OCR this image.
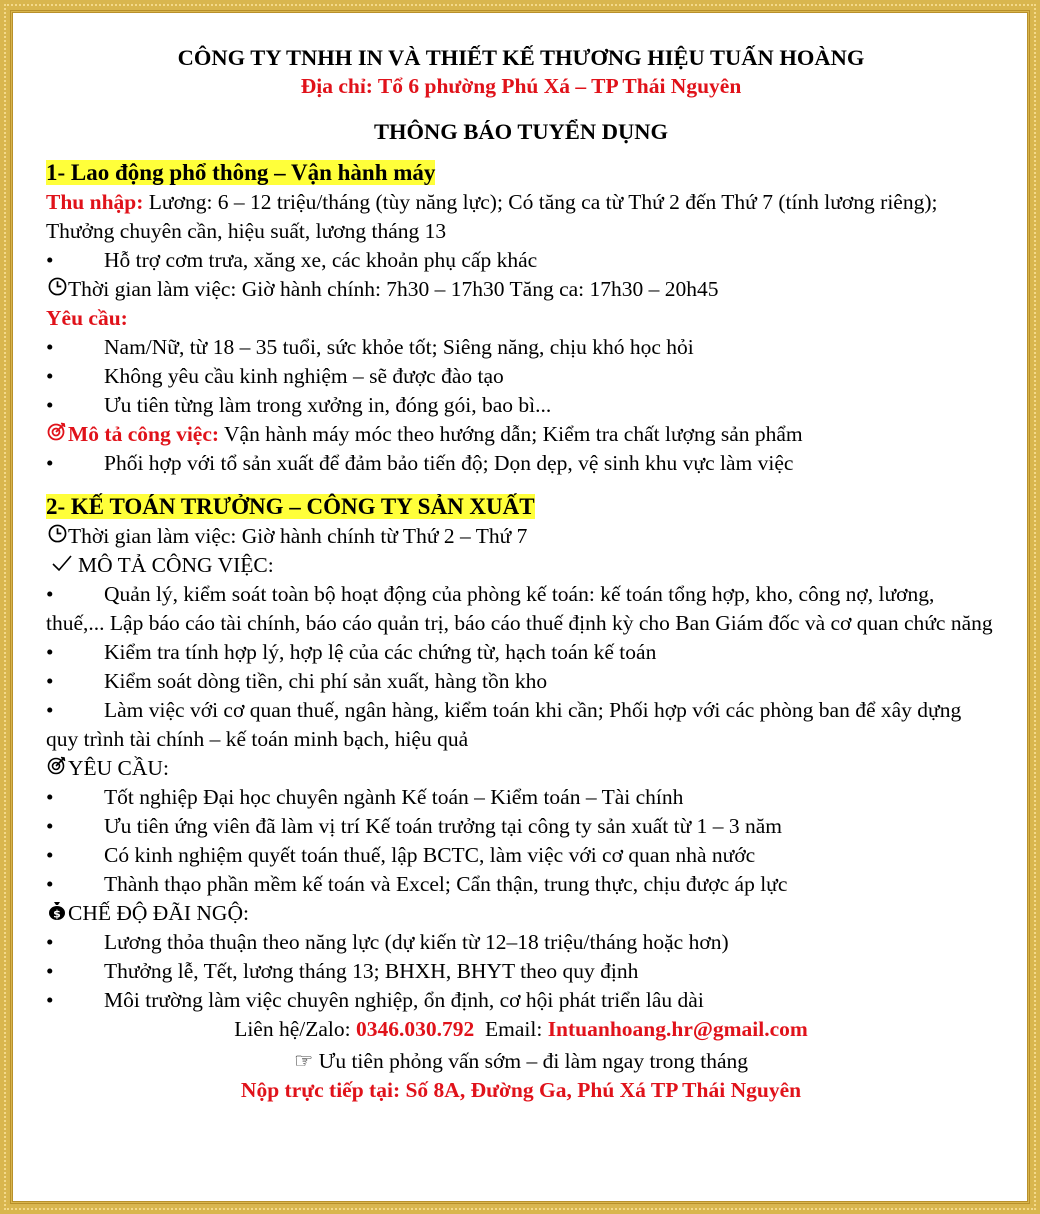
CÔNG TY TNHH IN VÀ THIẾT KẾ THƯƠNG HIỆU TUẤN HOÀNG
Địa chỉ: Tổ 6 phường Phú Xá – TP Thái Nguyên
THÔNG BÁO TUYỂN DỤNG
1- Lao động phổ thông – Vận hành máy
Thu nhập: Lương: 6 – 12 triệu/tháng (tùy năng lực); Có tăng ca từ Thứ 2 đến Thứ 7 (tính lương riêng); Thưởng chuyên cần, hiệu suất, lương tháng 13
•	Hỗ trợ cơm trưa, xăng xe, các khoản phụ cấp khác
Thời gian làm việc: Giờ hành chính: 7h30 – 17h30 Tăng ca: 17h30 – 20h45
Yêu cầu:
•	Nam/Nữ, từ 18 – 35 tuổi, sức khỏe tốt; Siêng năng, chịu khó học hỏi
•	Không yêu cầu kinh nghiệm – sẽ được đào tạo
•	Ưu tiên từng làm trong xưởng in, đóng gói, bao bì...
Mô tả công việc: Vận hành máy móc theo hướng dẫn; Kiểm tra chất lượng sản phẩm
•	Phối hợp với tổ sản xuất để đảm bảo tiến độ; Dọn dẹp, vệ sinh khu vực làm việc
2- KẾ TOÁN TRƯỞNG – CÔNG TY SẢN XUẤT
Thời gian làm việc: Giờ hành chính từ Thứ 2 – Thứ 7
MÔ TẢ CÔNG VIỆC:
•	Quản lý, kiểm soát toàn bộ hoạt động của phòng kế toán: kế toán tổng hợp, kho, công nợ, lương, thuế,... Lập báo cáo tài chính, báo cáo quản trị, báo cáo thuế định kỳ cho Ban Giám đốc và cơ quan chức năng
•	Kiểm tra tính hợp lý, hợp lệ của các chứng từ, hạch toán kế toán
•	Kiểm soát dòng tiền, chi phí sản xuất, hàng tồn kho
•	Làm việc với cơ quan thuế, ngân hàng, kiểm toán khi cần; Phối hợp với các phòng ban để xây dựng quy trình tài chính – kế toán minh bạch, hiệu quả
YÊU CẦU:
•	Tốt nghiệp Đại học chuyên ngành Kế toán – Kiểm toán – Tài chính
•	Ưu tiên ứng viên đã làm vị trí Kế toán trưởng tại công ty sản xuất từ 1 – 3 năm
•	Có kinh nghiệm quyết toán thuế, lập BCTC, làm việc với cơ quan nhà nước
•	Thành thạo phần mềm kế toán và Excel; Cẩn thận, trung thực, chịu được áp lực
$ CHẾ ĐỘ ĐÃI NGỘ:
•	Lương thỏa thuận theo năng lực (dự kiến từ 12–18 triệu/tháng hoặc hơn)
•	Thưởng lễ, Tết, lương tháng 13; BHXH, BHYT theo quy định
•	Môi trường làm việc chuyên nghiệp, ổn định, cơ hội phát triển lâu dài
Liên hệ/Zalo: 0346.030.792  Email: Intuanhoang.hr@gmail.com
☞ Ưu tiên phỏng vấn sớm – đi làm ngay trong tháng
Nộp trực tiếp tại: Số 8A, Đường Ga, Phú Xá TP Thái Nguyên
